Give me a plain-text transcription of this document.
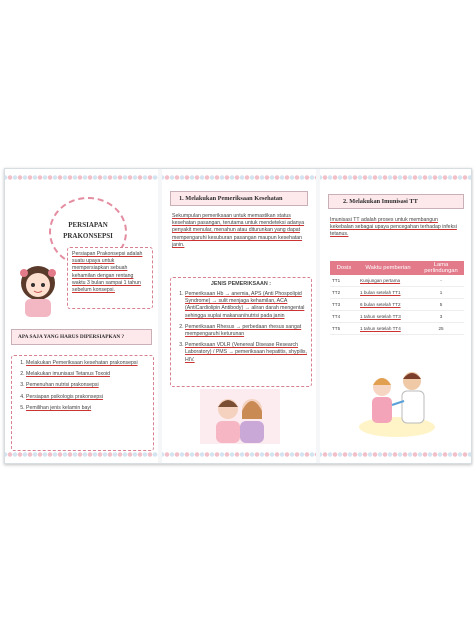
PERSIAPAN
PRAKONSEPSI
Persiapan Prakonsepsi adalah suatu upaya untuk mempersiapkan sebuah kehamilan dengan rentang waktu 3 bulan sampai 1 tahun sebelum konsepsi.
APA SAJA YANG HARUS DIPERSIAPKAN ?
1. Melakukan Pemeriksaan kesehatan prakonsepsi
2. Melakukan imunisasi Tetanus Toxoid
3. Pemenuhan nutrisi prakonsepsi
4. Persiapan psikologis prakonsepsi
5. Pemilihan jenis kelamin bayi
1. Melakukan Pemeriksaan Kesehatan
Sekumpulan pemeriksaan untuk memastikan status kesehatan pasangan, terutama untuk mendeteksi adanya penyakit menular, menahun atau diturunkan yang dapat mempengaruhi kesuburan pasangan maupun kesehatan janin.
JENIS PEMERIKSAAN :
1. Pemeriksaan Hb → anemia, APS (Anti Phospolipid Syndrome) → sulit menjaga kehamilan, ACA (AntiCardiolipin Antibody) → aliran darah mengental sehingga suplai makanan/nutrisi pada janin
2. Pemeriksaan Rhesus → perbedaan rhesus sangat mempengaruhi keturunan
3. Pemeriksaan VDLR (Venereal Disease Research Laboratory) / PMS → pemeriksaan hepatitis, shypilis, HIV.
2. Melakukan Imunisasi TT
Imunisasi TT adalah proses untuk membangun kekebalan sebagai upaya pencegahan terhadap infeksi tetanus.
Dosis	Waktu pemberian	Lama perlindungan
TT1	Kunjungan pertama	-
TT2	1 bulan setelah TT1	1
TT3	6 bulan setelah TT2	5
TT4	1 tahun setelah TT3	3
TT5	1 tahun setelah TT4	25
